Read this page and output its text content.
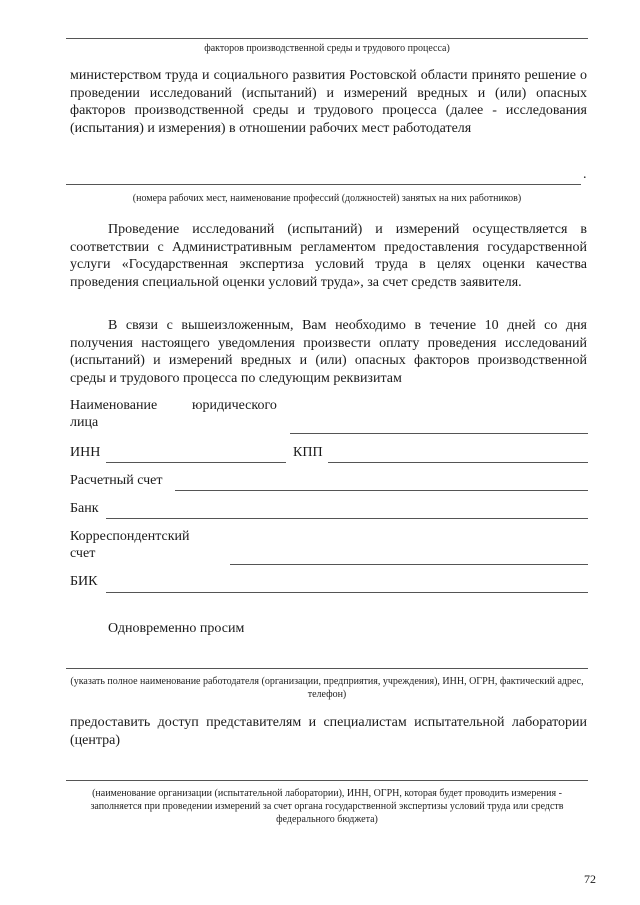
факторов производственной среды и трудового процесса)

министерством труда и социального развития Ростовской области принято решение о проведении исследований (испытаний) и измерений вредных и (или) опасных факторов производственной среды и трудового процесса (далее - исследования (испытания) и измерения) в отношении рабочих мест работодателя

.
(номера рабочих мест, наименование профессий (должностей) занятых на них работников)

Проведение исследований (испытаний) и измерений осуществляется в соответствии с Административным регламентом предоставления государственной услуги «Государственная экспертиза условий труда в целях оценки качества проведения специальной оценки условий труда», за счет средств заявителя.

В связи с вышеизложенным, Вам необходимо в течение 10 дней со дня получения настоящего уведомления произвести оплату проведения исследований (испытаний) и измерений вредных и (или) опасных факторов производственной среды и трудового процесса по следующим реквизитам

Наименование юридического
лица
ИНН	КПП
Расчетный счет
Банк
Корреспондентский
счет
БИК
Одновременно просим
(указать полное наименование работодателя (организации, предприятия, учреждения), ИНН, ОГРН, фактический адрес, телефон)

предоставить доступ представителям и специалистам испытательной лаборатории (центра)

(наименование организации (испытательной лаборатории), ИНН, ОГРН, которая будет проводить измерения - заполняется при проведении измерений за счет органа государственной экспертизы условий труда или средств федерального бюджета)
72
